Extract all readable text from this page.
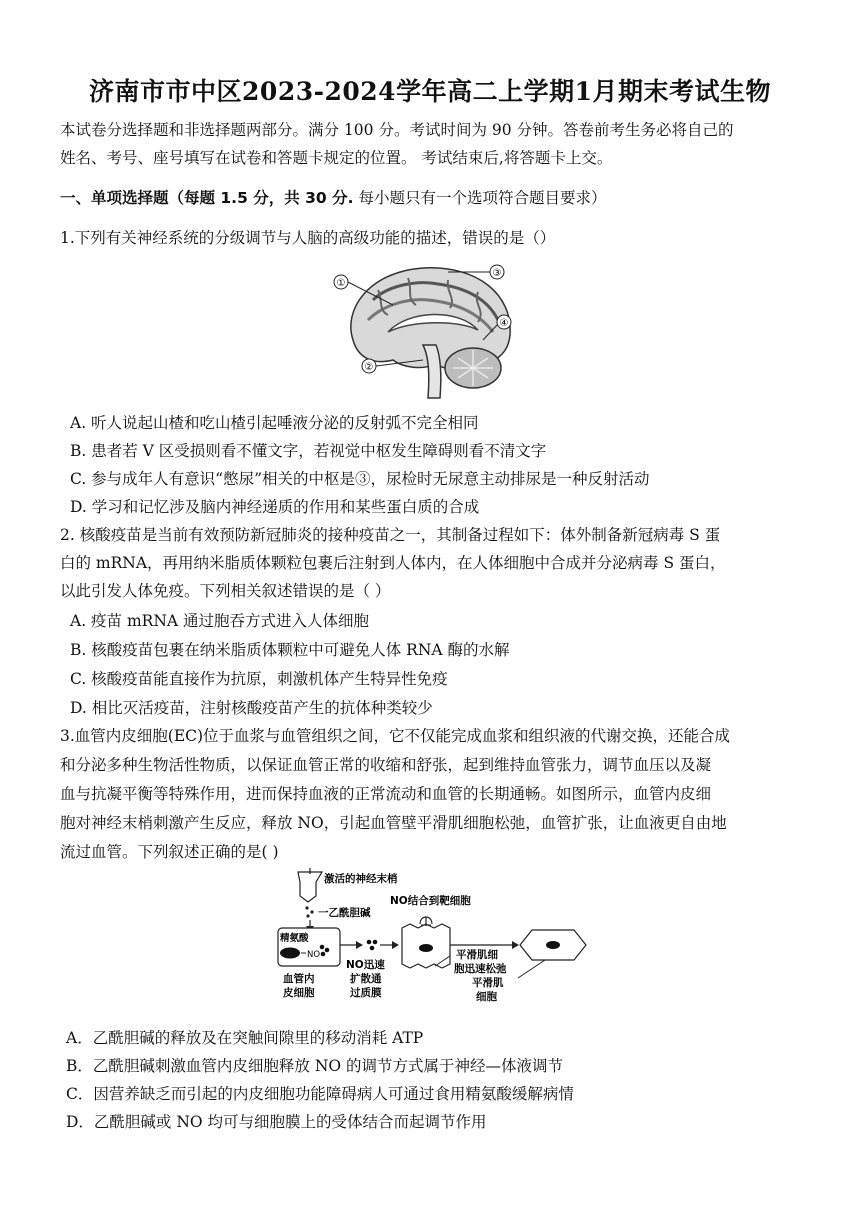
济南市市中区2023-2024学年高二上学期1月期末考试生物
本试卷分选择题和非选择题两部分。满分 100 分。考试时间为 90 分钟。答卷前考生务必将自己的
姓名、考号、座号填写在试卷和答题卡规定的位置。 考试结束后,将答题卡上交。
一、单项选择题（每题 1.5 分，共 30 分. 每小题只有一个选项符合题目要求）
1.下列有关神经系统的分级调节与人脑的高级功能的描述，错误的是（）
①
②
③
④
A. 听人说起山楂和吃山楂引起唾液分泌的反射弧不完全相同
B. 患者若 V 区受损则看不懂文字，若视觉中枢发生障碍则看不清文字
C. 参与成年人有意识“憋尿”相关的中枢是③，尿检时无尿意主动排尿是一种反射活动
D. 学习和记忆涉及脑内神经递质的作用和某些蛋白质的合成
2. 核酸疫苗是当前有效预防新冠肺炎的接种疫苗之一，其制备过程如下：体外制备新冠病毒 S 蛋
白的 mRNA，再用纳米脂质体颗粒包裹后注射到人体内，在人体细胞中合成并分泌病毒 S 蛋白，
以此引发人体免疫。下列相关叙述错误的是（ ）
A. 疫苗 mRNA 通过胞吞方式进入人体细胞
B. 核酸疫苗包裹在纳米脂质体颗粒中可避免人体 RNA 酶的水解
C. 核酸疫苗能直接作为抗原，刺激机体产生特异性免疫
D. 相比灭活疫苗，注射核酸疫苗产生的抗体种类较少
3.血管内皮细胞(EC)位于血浆与血管组织之间，它不仅能完成血浆和组织液的代谢交换，还能合成
和分泌多种生物活性物质，以保证血管正常的收缩和舒张，起到维持血管张力，调节血压以及凝
血与抗凝平衡等特殊作用，进而保持血液的正常流动和血管的长期通畅。如图所示，血管内皮细
胞对神经末梢刺激产生反应，释放 NO，引起血管壁平滑肌细胞松弛，血管扩张，让血液更自由地
流过血管。下列叙述正确的是( )
激活的神经末梢
一乙酰胆碱
精氨酸
NO
血管内
皮细胞
NO迅速
扩散通
过质膜
NO结合到靶细胞
平滑肌细
胞迅速松弛
平滑肌
细胞
A．乙酰胆碱的释放及在突触间隙里的移动消耗 ATP
B．乙酰胆碱刺激血管内皮细胞释放 NO 的调节方式属于神经—体液调节
C．因营养缺乏而引起的内皮细胞功能障碍病人可通过食用精氨酸缓解病情
D．乙酰胆碱或 NO 均可与细胞膜上的受体结合而起调节作用
